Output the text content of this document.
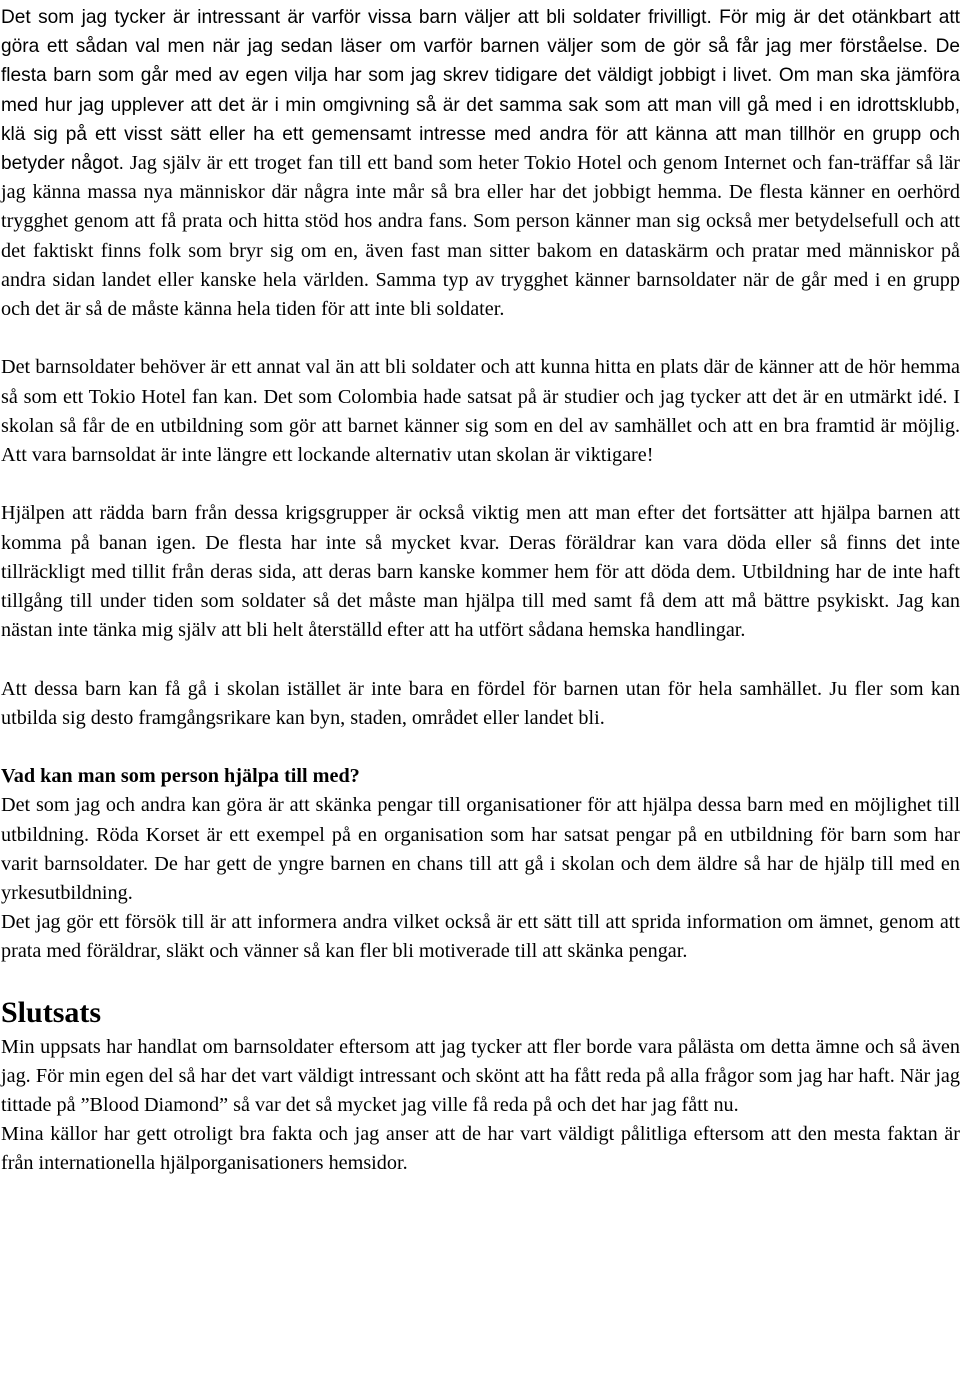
Det som jag tycker är intressant är varför vissa barn väljer att bli soldater frivilligt. För mig är det otänkbart att göra ett sådan val men när jag sedan läser om varför barnen väljer som de gör så får jag mer förståelse. De flesta barn som går med av egen vilja har som jag skrev tidigare det väldigt jobbigt i livet. Om man ska jämföra med hur jag upplever att det är i min omgivning så är det samma sak som att man vill gå med i en idrottsklubb, klä sig på ett visst sätt eller ha ett gemensamt intresse med andra för att känna att man tillhör en grupp och betyder något. Jag själv är ett troget fan till ett band som heter Tokio Hotel och genom Internet och fan-träffar så lär jag känna massa nya människor där några inte mår så bra eller har det jobbigt hemma. De flesta känner en oerhörd trygghet genom att få prata och hitta stöd hos andra fans. Som person känner man sig också mer betydelsefull och att det faktiskt finns folk som bryr sig om en, även fast man sitter bakom en dataskärm och pratar med människor på andra sidan landet eller kanske hela världen. Samma typ av trygghet känner barnsoldater när de går med i en grupp och det är så de måste känna hela tiden för att inte bli soldater.

Det barnsoldater behöver är ett annat val än att bli soldater och att kunna hitta en plats där de känner att de hör hemma så som ett Tokio Hotel fan kan. Det som Colombia hade satsat på är studier och jag tycker att det är en utmärkt idé. I skolan så får de en utbildning som gör att barnet känner sig som en del av samhället och att en bra framtid är möjlig. Att vara barnsoldat är inte längre ett lockande alternativ utan skolan är viktigare!

Hjälpen att rädda barn från dessa krigsgrupper är också viktig men att man efter det fortsätter att hjälpa barnen att komma på banan igen. De flesta har inte så mycket kvar. Deras föräldrar kan vara döda eller så finns det inte tillräckligt med tillit från deras sida, att deras barn kanske kommer hem för att döda dem. Utbildning har de inte haft tillgång till under tiden som soldater så det måste man hjälpa till med samt få dem att må bättre psykiskt. Jag kan nästan inte tänka mig själv att bli helt återställd efter att ha utfört sådana hemska handlingar.

Att dessa barn kan få gå i skolan istället är inte bara en fördel för barnen utan för hela samhället. Ju fler som kan utbilda sig desto framgångsrikare kan byn, staden, området eller landet bli.

Vad kan man som person hjälpa till med?

Det som jag och andra kan göra är att skänka pengar till organisationer för att hjälpa dessa barn med en möjlighet till utbildning. Röda Korset är ett exempel på en organisation som har satsat pengar på en utbildning för barn som har varit barnsoldater. De har gett de yngre barnen en chans till att gå i skolan och dem äldre så har de hjälp till med en yrkesutbildning.

Det jag gör ett försök till är att informera andra vilket också är ett sätt till att sprida information om ämnet, genom att prata med föräldrar, släkt och vänner så kan fler bli motiverade till att skänka pengar.

Slutsats

Min uppsats har handlat om barnsoldater eftersom att jag tycker att fler borde vara pålästa om detta ämne och så även jag. För min egen del så har det vart väldigt intressant och skönt att ha fått reda på alla frågor som jag har haft. När jag tittade på ”Blood Diamond” så var det så mycket jag ville få reda på och det har jag fått nu.

Mina källor har gett otroligt bra fakta och jag anser att de har vart väldigt pålitliga eftersom att den mesta faktan är från internationella hjälporganisationers hemsidor.
